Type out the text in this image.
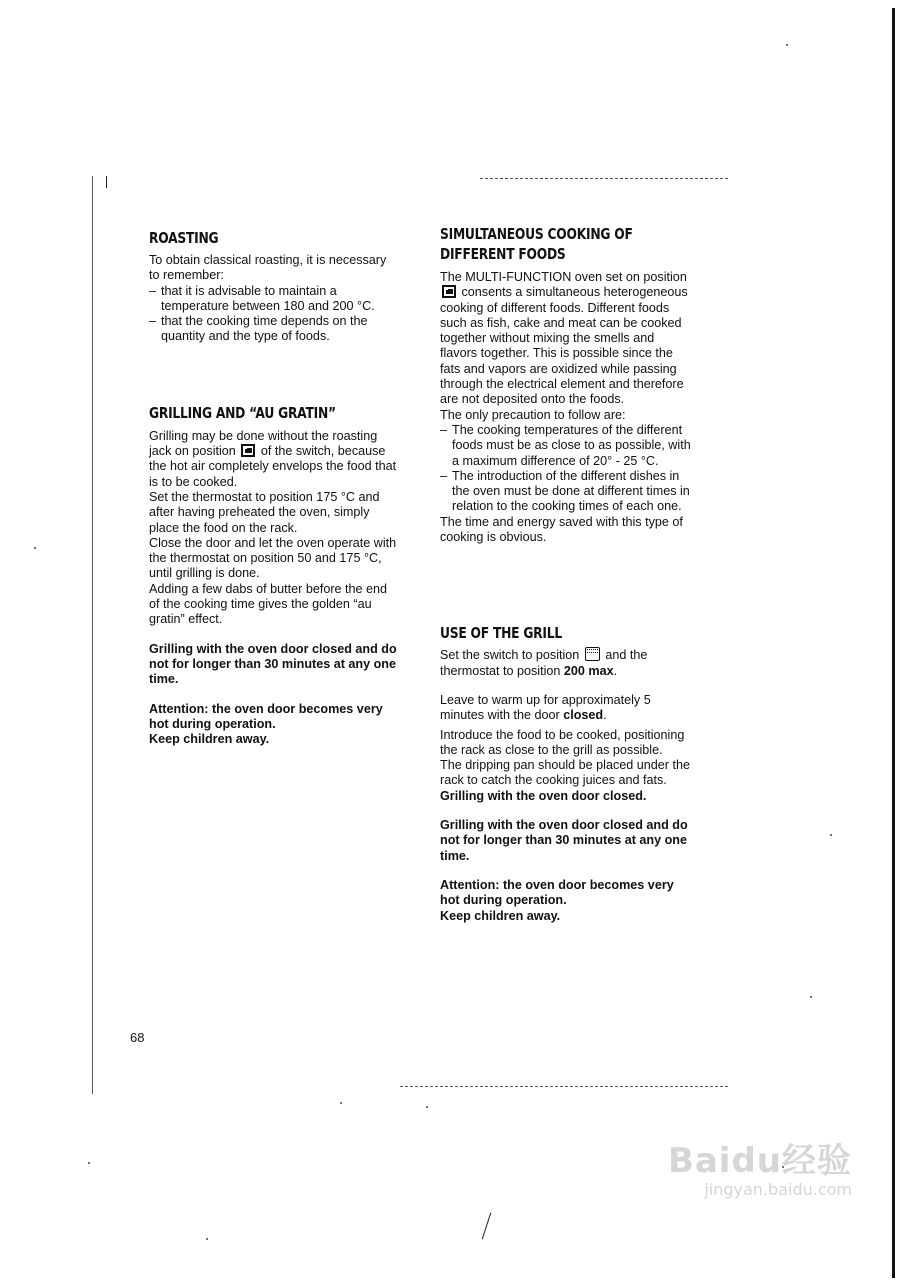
ROASTING

To obtain classical roasting, it is necessary to remember:

– that it is advisable to maintain a temperature between 180 and 200 °C.
– that the cooking time depends on the quantity and the type of foods.
GRILLING AND “AU GRATIN”

Grilling may be done without the roasting jack on position of the switch, because the hot air completely envelops the food that is to be cooked.

Set the thermostat to position 175 °C and after having preheated the oven, simply place the food on the rack.

Close the door and let the oven operate with the thermostat on position 50 and 175 °C, until grilling is done.

Adding a few dabs of butter before the end of the cooking time gives the golden “au gratin” effect.

Grilling with the oven door closed and do not for longer than 30 minutes at any one time.

Attention: the oven door becomes very hot during operation.

Keep children away.

SIMULTANEOUS COOKING OF
DIFFERENT FOODS

The MULTI-FUNCTION oven set on position  consents a simultaneous heterogeneous cooking of different foods. Different foods such as fish, cake and meat can be cooked together without mixing the smells and flavors together. This is possible since the fats and vapors are oxidized while passing through the electrical element and therefore are not deposited onto the foods.

The only precaution to follow are:

– The cooking temperatures of the different foods must be as close to as possible, with a maximum difference of 20° - 25 °C.
– The introduction of the different dishes in the oven must be done at different times in relation to the cooking times of each one.

The time and energy saved with this type of cooking is obvious.

USE OF THE GRILL

Set the switch to position and the thermostat to position 200 max.

Leave to warm up for approximately 5 minutes with the door closed.

Introduce the food to be cooked, positioning the rack as close to the grill as possible.

The dripping pan should be placed under the rack to catch the cooking juices and fats.

Grilling with the oven door closed.

Grilling with the oven door closed and do not for longer than 30 minutes at any one time.

Attention: the oven door becomes very hot during operation.

Keep children away.

68
Baidu经验
jingyan.baidu.com
